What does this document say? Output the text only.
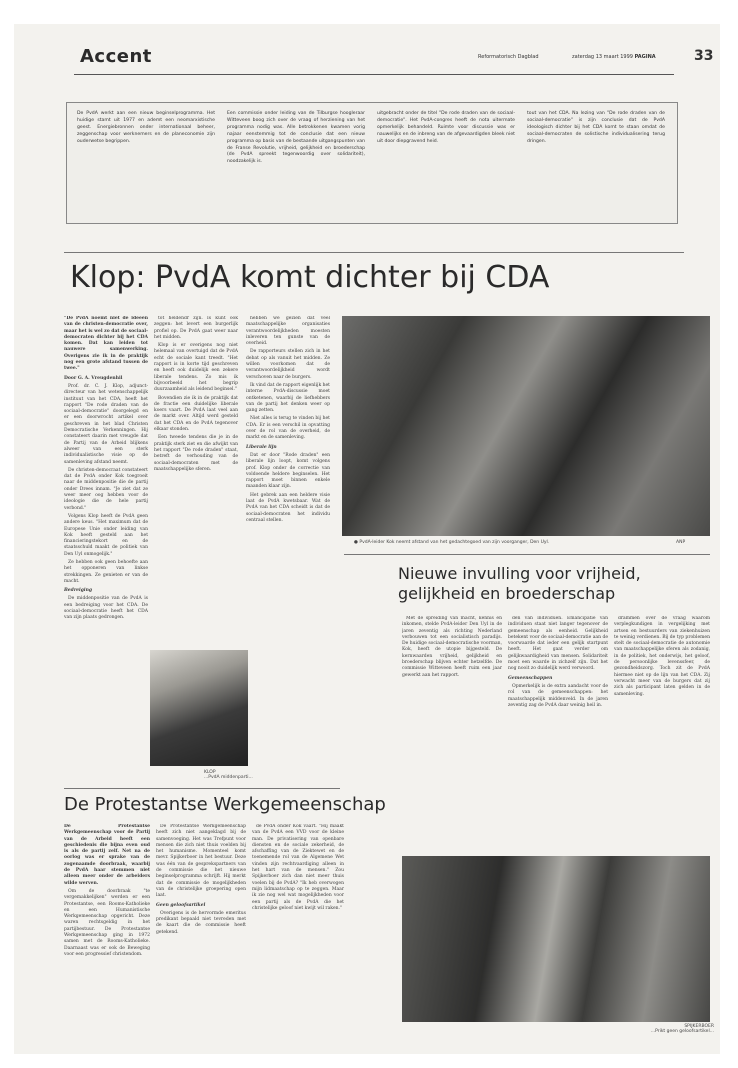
Accent	Reformatorisch Dagblad	zaterdag 13 maart 1999 PAGINA	33
De PvdA werkt aan een nieuw beginselprogramma. Het huidige stamt uit 1977 en ademt een neomarxistische geest. Energiebronnen onder internationaal beheer, zeggenschap voor werknemers en de planeconomie zijn ouderwetse begrippen.
Een commissie onder leiding van de Tilburgse hoogleraar Witteveen boog zich over de vraag of herziening van het programma nodig was. Alle betrokkenen kwamen vorig najaar eenstemmig tot de conclusie dat een nieuw programma op basis van de bestaande uitgangspunten van de Franse Revolutie, vrijheid, gelijkheid en broederschap (de PvdA spreekt tegenwoordig over solidariteit), noodzakelijk is.
uitgebracht onder de titel "De rode draden van de sociaal-democratie". Het PvdA-congres heeft de nota uitermate opmerkelijk behandeld. Ruimte voor discussie was er nauwelijks en de inbreng van de afgevaardigden bleek niet uit door diepgravend heid.
tout van het CDA. Na lezing van "De rode draden van de sociaal-democratie" is zijn conclusie dat de PvdA ideologisch dichter bij het CDA komt te staan omdat de sociaal-democraten de solistische individualisering terug dringen.
Klop: PvdA komt dichter bij CDA

"De PvdA noemt niet de ideeën van de christen-democratie over, maar het is wel zo dat de sociaal-democraten dichter bij het CDA komen. Dat kan leiden tot nauwere samenwerking. Overigens zie ik in de praktijk nog een grote afstand tussen de twee."

Door G. A. Vreugdenhil

Prof. dr. C. J. Klop, adjunct-directeur van het wetenschappelijk instituut van het CDA, heeft het rapport "De rode draden van de sociaal-democratie" doorgelegd en er een doorwrocht artikel over geschreven in het blad Christen Democratische Verkenningen. Hij constateert daarin met vreugde dat de Partij van de Arbeid blijkens alweer van een sterk individualistische visie op de samenleving afstand neemt.

De christen-democraat constateert dat de PvdA onder Kok toegroeit naar de middenpositie die de partij onder Drees innam. "Je ziet dat ze weer meer oog hebben voor de ideologie die de hele partij verbond."

Volgens Klop heeft de PvdA geen andere keus. "Het maximum dat de Europese Unie onder leiding van Kok heeft gesteld aan het financieringstekort en de staatsschuld maakt de politiek van Den Uyl onmogelijk."

Ze hebben ook geen behoefte aan het opponeren van linkse strekkingen. Ze genieten er van de macht.

Bedreiging

De middenpositie van de PvdA is een bedreiging voor het CDA. De sociaal-democratie heeft het CDA van zijn plaats gedrongen.

tot heldendr zijn. Is kunt ook zeggen: het levert een burgerlijk profiel op. De PvdA gaat weer naar het midden.

Klop is er overigens nog niet helemaal van overtuigd dat de PvdA echt de sociale kant treedt. "Het rapport is in korte tijd geschreven en heeft ook duidelijk een zekere liberale tendens. Zo mis ik bijvoorbeeld het begrip duurzaamheid als leidend beginsel."

Bovendien zie ik in de praktijk dat de fractie een duidelijke liberale koers vaart. De PvdA laat veel aan de markt over. Altijd werd gesteld dat het CDA en de PvdA tegenover elkaar stonden.

Een tweede tendens die je in de praktijk sterk ziet en die afwijkt van het rapport "De rode draden" staat, betreft de verhouding van de sociaal-democraten met de maatschappelijke sferen.

KLOP
...PvdA middenparti...

hebben we gezien dat veel maatschappelijke organisaties verantwoordelijkheden moesten inleveren ten gunste van de overheid.

De rapporteurs stellen zich in het debat op als vanuit het midden. Ze willen voorkomen dat de verantwoordelijkheid wordt verschoven naar de burgers.

Ik vind dat de rapport eigenlijk het interne PvdA-discussie moet ontketenen, waarbij de liefhebbers van de partij het denken weer op gang zetten.

Niet alles is terug te vinden bij het CDA. Er is een verschil in opvatting over de rol van de overheid, de markt en de samenleving.

Liberale lijn

Dat er door "Rode draden" een liberale lijn loopt, komt volgens prof. Klop onder de correctie van voldoende heldere beginselen. Het rapport moet binnen enkele maanden klaar zijn.

Het gebrek aan een heldere visie laat de PvdA kwetsbaar. Wat de PvdA van het CDA scheidt is dat de sociaal-democraten het individu centraal stellen.

● PvdA-leider Kok neemt afstand van het gedachtegoed van zijn voorganger, Den Uyl.	ANP
Nieuwe invulling voor vrijheid, gelijkheid en broederschap

Met de spreiding van macht, kennis en inkomen, stelde PvdA-leider Den Uyl in de jaren zeventig als richting Nederland verbouwen tot een socialistisch paradijs. De huidige sociaal-democratische voorman, Kok, heeft de utopie bijgesteld. De kernwaarden vrijheid, gelijkheid en broederschap blijven echter hetzelfde. De commissie Witteveen heeft ruim een jaar gewerkt aan het rapport.

den van individuen. Emancipatie van individuen staat niet langer tegenover de gemeenschap als eenheid. Gelijkheid betekent voor de sociaal-democratie aan de voorwaarde dat ieder een gelijk startpunt heeft. Het gaat verder om gelijkwaardigheid van mensen. Solidariteit moet een waarde in zichzelf zijn. Dat het nog nooit zo duidelijk werd verwoord.

Gemeenschappen

Opmerkelijk is de extra aandacht voor de rol van de gemeenschappen: het maatschappelijk middenveld. In de jaren zeventig zag de PvdA daar weinig heil in.

drammen over de vraag waarom verplegkundigen in vergelijking met artsen en bestuurders van ziekenhuizen te weinig verdienen. Bij de typ problemen stelt de sociaal-democratie de autonomie van maatschappelijke sferen als zodanig, in de politiek, het onderwijs, het geloof, de persoonlijke levenssfeer, de gezondheidszorg. Toch zit de PvdA hiermee niet op de lijn van het CDA. Zij verwacht meer van de burgers dat zij zich als participant laten gelden in de samenleving.

De Protestantse Werkgemeenschap

De Protestantse Werkgemeenschap voor de Partij van de Arbeid heeft een geschiedenis die bijna even oud is als de partij zelf. Net na de oorlog was er sprake van de zogenaamde doorbraak, waarbij de PvdA haar stemmen niet alleen meer onder de arbeiders wilde werven.

Om de doorbraak "te vergemakkelijken" werden er een Protestantse, een Rooms-Katholieke en een Humanistische Werkgemeenschap opgericht. Deze waren rechtsgeldig in het partijbestuur. De Protestantse Werkgemeenschap ging in 1972 samen met de Rooms-Katholieke. Daarnaast was er ook de Beweging voor een progressief christendom.

De Protestantse Werkgemeenschap heeft zich niet aangeklagd bij de samenvoeging. Het was Trefpunt voor mensen die zich niet thuis voelden bij het humanisme. Momenteel komt mevr. Spijkerboer in het bestuur. Deze was één van de gesprekspartners van de commissie die het nieuwe beginselprogramma schrijft. Hij merkt dat de commissie de mogelijkheden van de christelijke groepering open laat.

Geen geloofsartikel

Overigens is de hervormde emeritus predikant bepaald niet tevreden met de kaart die de commissie heeft getekend.

de PvdA onder Kok vaart. "Hij maakt van de PvdA een VVD voor de kleine man. De privatisering van openbare diensten en de sociale zekerheid, de afschaffing van de Ziektewet en de toenemende rol van de Algemene Wet vinden zijn rechtvaardiging alleen in het hart van de mensen." Zou Spijkerboer zich dan niet meer thuis voelen bij de PvdA? "Ik heb overwogen mijn lidmaatschap op te zeggen. Maar ik zie nog wel wat mogelijkheden voor een partij als de PvdA die het christelijke geloof niet kwijt wil raken."

SPIJKERBOER
...Prikt geen geloofsartikel...
